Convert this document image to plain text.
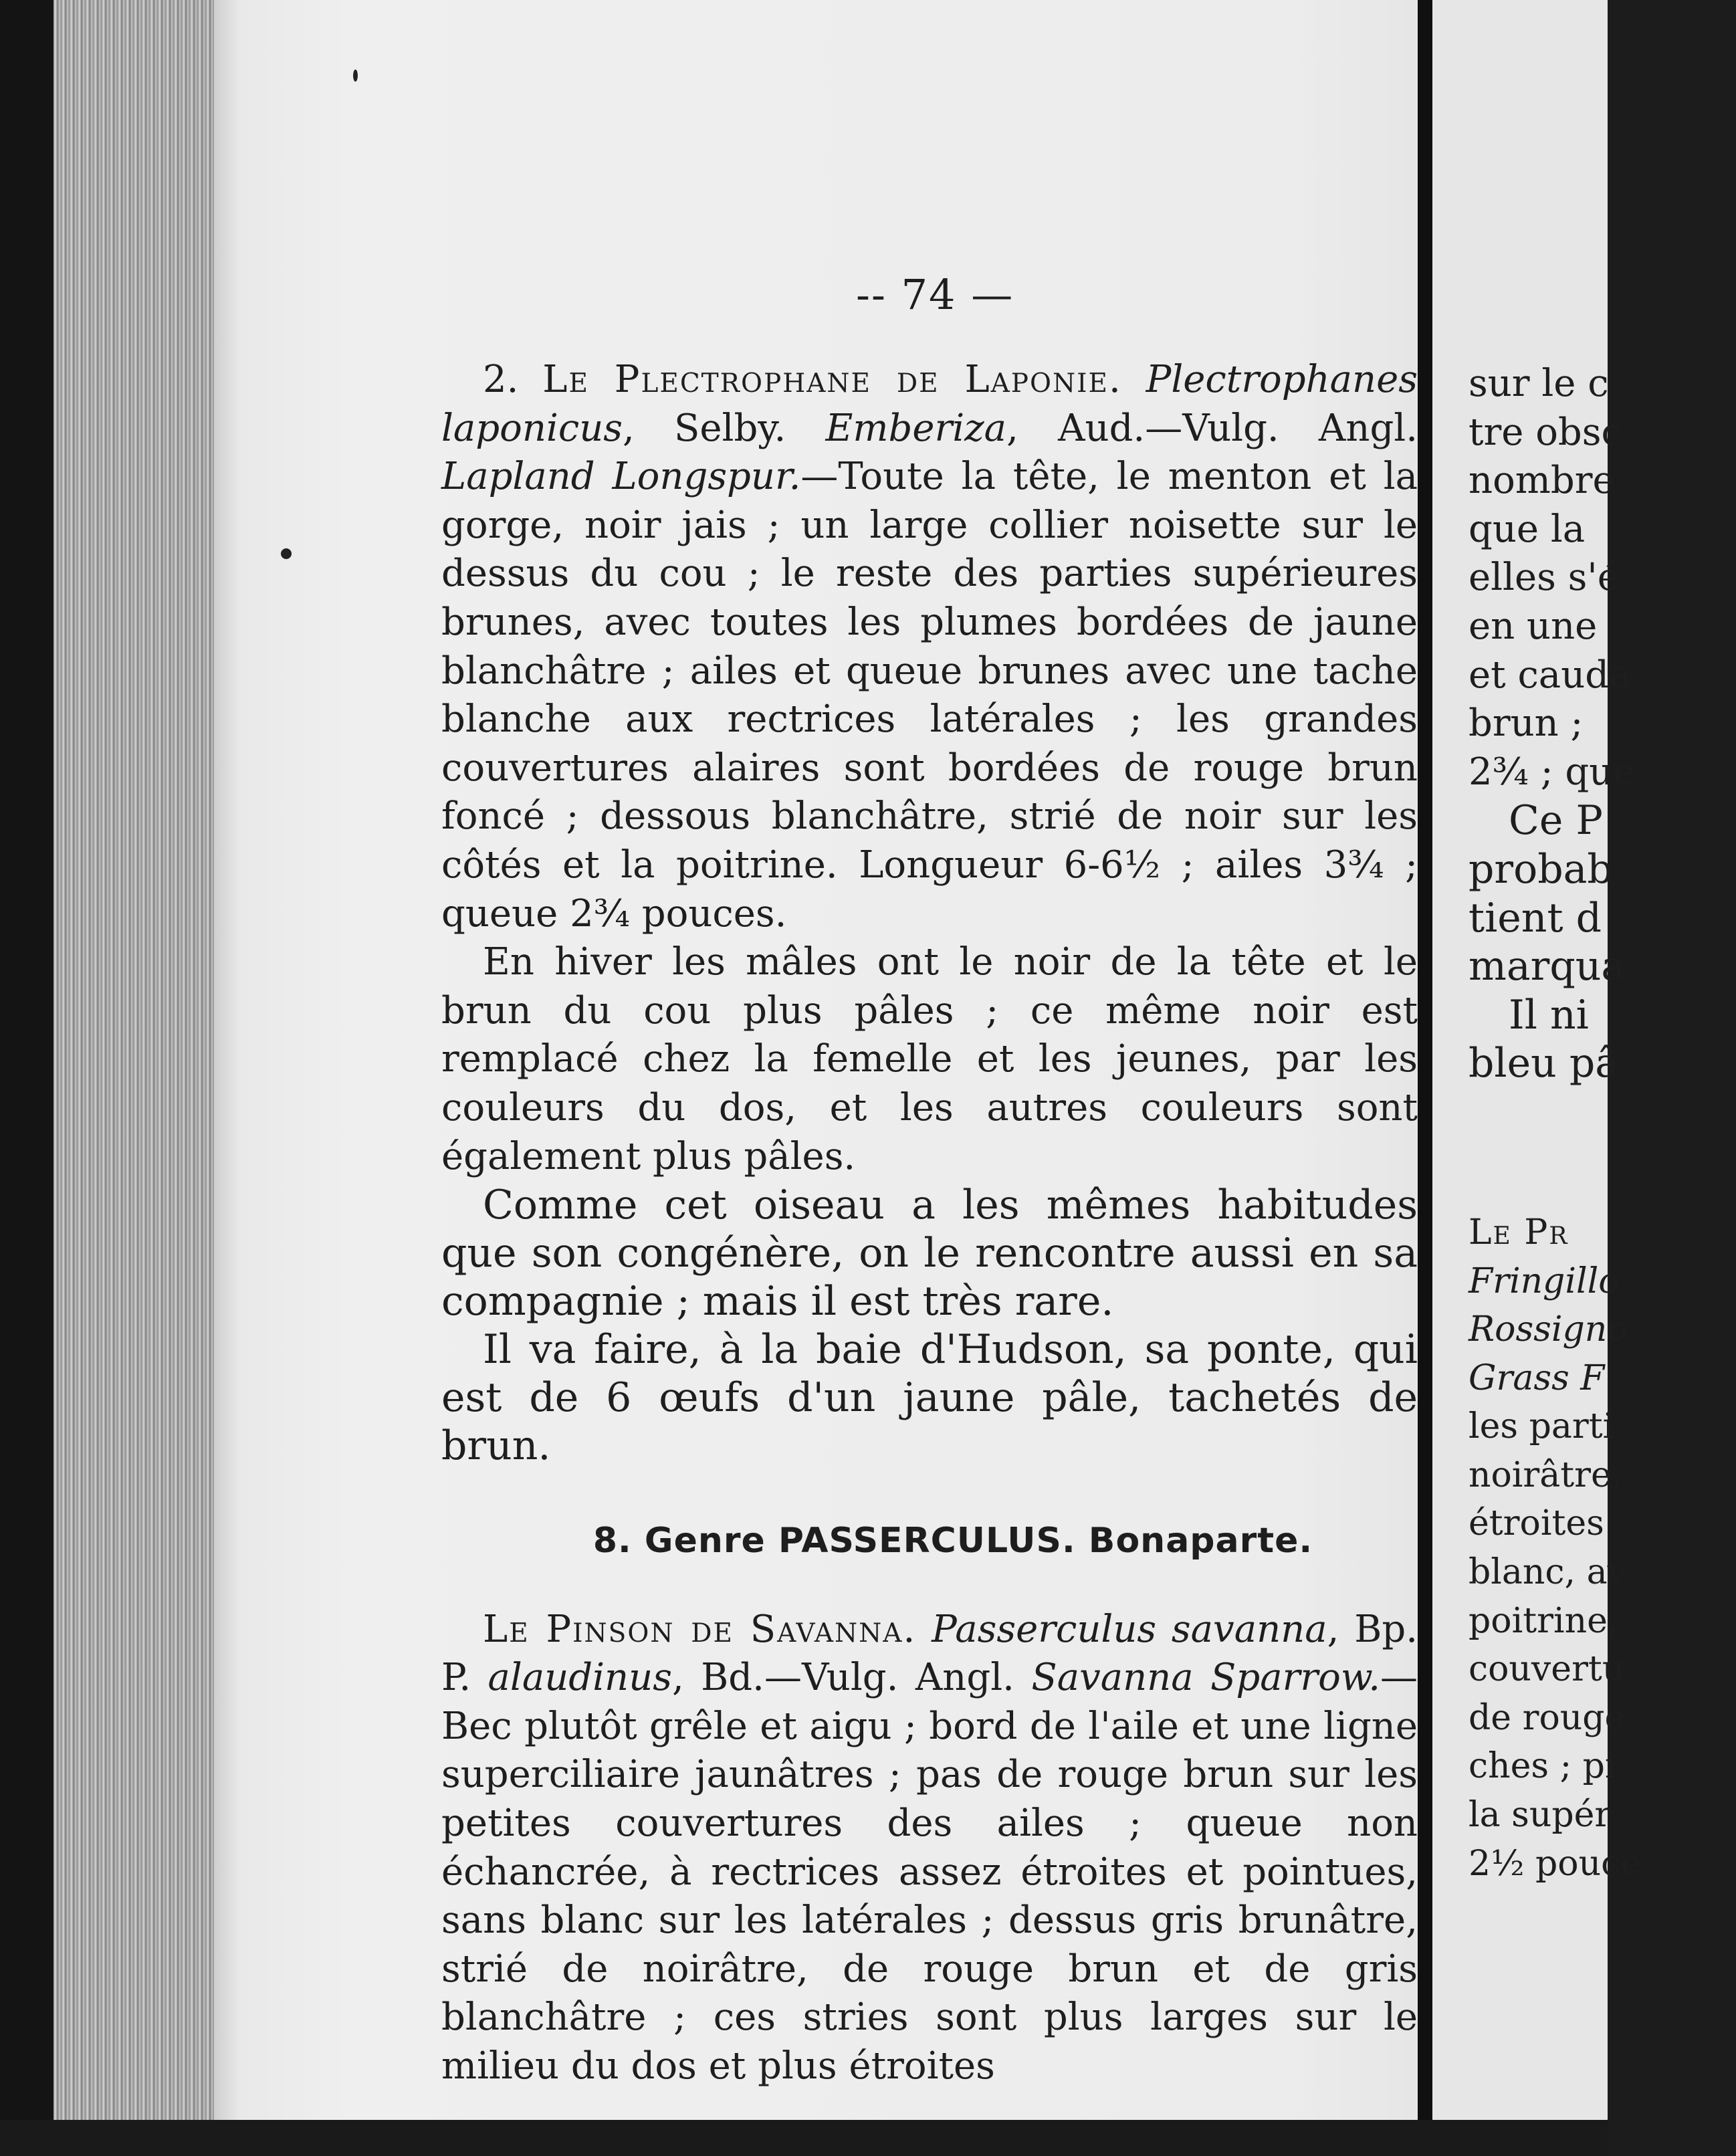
sur le c
tre obsc
nombre
que la
elles s'é
en une
et cauda
brun ;
2¾ ; que
Ce P
probab
tient d
marqua
Il ni
bleu pâ
Le Pr
Fringillo
Rossigno
Grass F
les parti
noirâtre,
étroites
blanc, av
poitrine,
couvertu
de rouge
ches ; pi
la supér
2½ pouce
-- 74 —

2. Le Plectrophane de Laponie. Plectrophanes laponicus, Selby. Emberiza, Aud.—Vulg. Angl. Lapland Longspur.—Toute la tête, le menton et la gorge, noir jais ; un large collier noisette sur le dessus du cou ; le reste des parties supérieures brunes, avec toutes les plumes bordées de jaune blanchâtre ; ailes et queue brunes avec une tache blanche aux rectrices latérales ; les grandes couvertures alaires sont bordées de rouge brun foncé ; dessous blanchâtre, strié de noir sur les côtés et la poitrine. Longueur 6-6½ ; ailes 3¾ ; queue 2¾ pouces.

En hiver les mâles ont le noir de la tête et le brun du cou plus pâles ; ce même noir est remplacé chez la femelle et les jeunes, par les couleurs du dos, et les autres couleurs sont également plus pâles.

Comme cet oiseau a les mêmes habitudes que son congénère, on le rencontre aussi en sa compagnie ; mais il est très rare.

Il va faire, à la baie d'Hudson, sa ponte, qui est de 6 œufs d'un jaune pâle, tachetés de brun.

8. Genre PASSERCULUS. Bonaparte.

Le Pinson de Savanna. Passerculus savanna, Bp. P. alaudinus, Bd.—Vulg. Angl. Savanna Sparrow.— Bec plutôt grêle et aigu ; bord de l'aile et une ligne superciliaire jaunâtres ; pas de rouge brun sur les petites couvertures des ailes ; queue non échancrée, à rectrices assez étroites et pointues, sans blanc sur les latérales ; dessus gris brunâtre, strié de noirâtre, de rouge brun et de gris blanchâtre ; ces stries sont plus larges sur le milieu du dos et plus étroites
